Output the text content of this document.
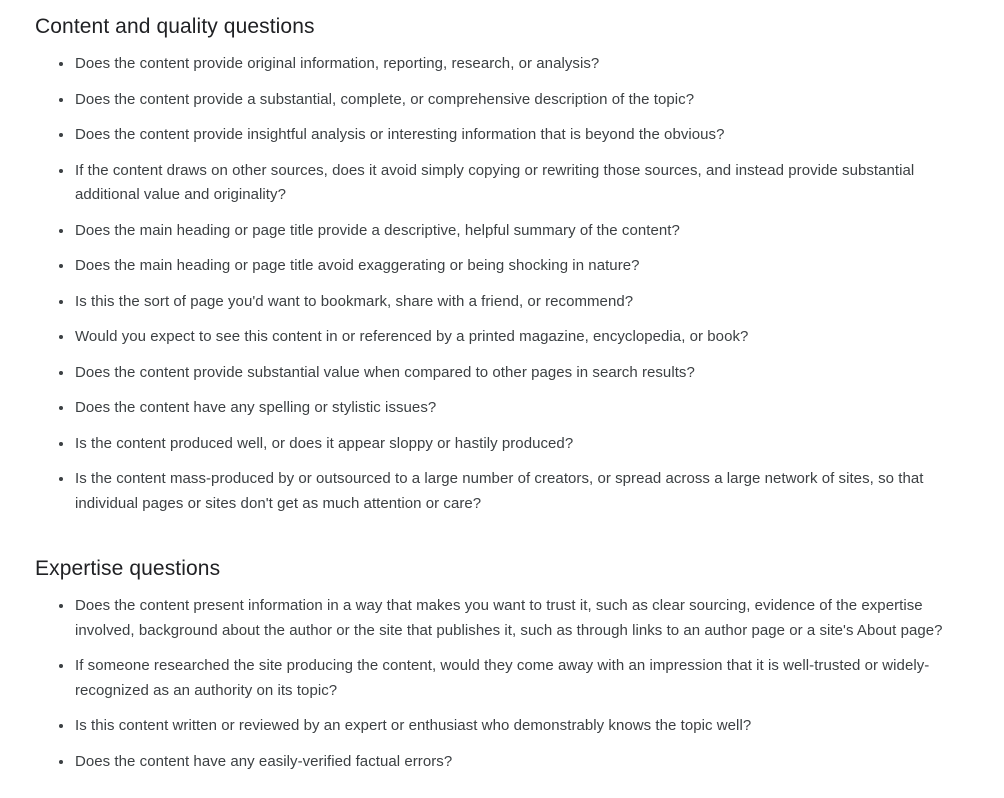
Content and quality questions
Does the content provide original information, reporting, research, or analysis?
Does the content provide a substantial, complete, or comprehensive description of the topic?
Does the content provide insightful analysis or interesting information that is beyond the obvious?
If the content draws on other sources, does it avoid simply copying or rewriting those sources, and instead provide substantial additional value and originality?
Does the main heading or page title provide a descriptive, helpful summary of the content?
Does the main heading or page title avoid exaggerating or being shocking in nature?
Is this the sort of page you'd want to bookmark, share with a friend, or recommend?
Would you expect to see this content in or referenced by a printed magazine, encyclopedia, or book?
Does the content provide substantial value when compared to other pages in search results?
Does the content have any spelling or stylistic issues?
Is the content produced well, or does it appear sloppy or hastily produced?
Is the content mass-produced by or outsourced to a large number of creators, or spread across a large network of sites, so that individual pages or sites don't get as much attention or care?
Expertise questions
Does the content present information in a way that makes you want to trust it, such as clear sourcing, evidence of the expertise involved, background about the author or the site that publishes it, such as through links to an author page or a site's About page?
If someone researched the site producing the content, would they come away with an impression that it is well-trusted or widely-recognized as an authority on its topic?
Is this content written or reviewed by an expert or enthusiast who demonstrably knows the topic well?
Does the content have any easily-verified factual errors?
